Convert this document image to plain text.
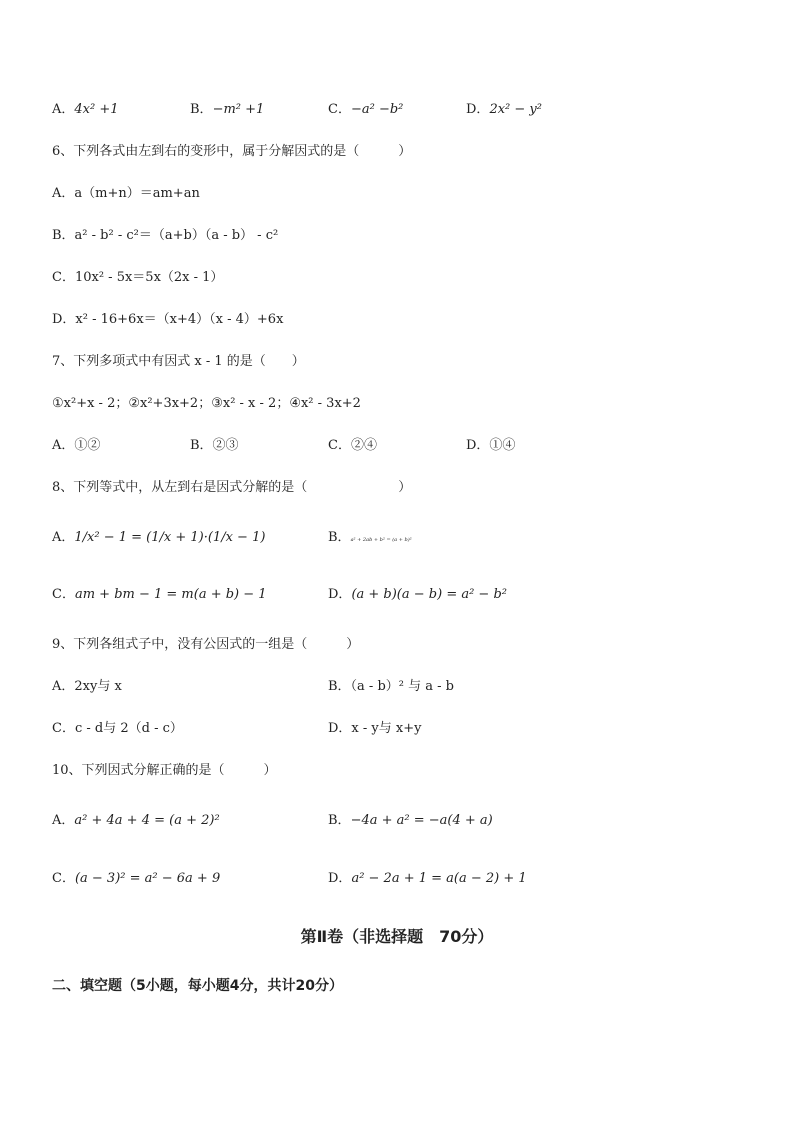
A．4x² +1	B．−m² +1	C．−a² −b²	D．2x² − y²
6、下列各式由左到右的变形中，属于分解因式的是（　　　）
A．a（m+n）＝am+an
B．a² - b² - c²＝（a+b）（a - b） - c²
C．10x² - 5x＝5x（2x - 1）
D．x² - 16+6x＝（x+4）（x - 4）+6x
7、下列多项式中有因式 x - 1 的是（　　）
①x²+x - 2；②x²+3x+2；③x² - x - 2；④x² - 3x+2
A．①②	B．②③	C．②④	D．①④
8、下列等式中，从左到右是因式分解的是（　　　　　　　）
A．1/x² − 1 = (1/x + 1)·(1/x − 1)	B．a² + 2ab + b² = (a + b)²
C．am + bm − 1 = m(a + b) − 1	D．(a + b)(a − b) = a² − b²
9、下列各组式子中，没有公因式的一组是（　　　）
A．2xy与 x	B．（a - b）² 与 a - b
C．c - d与 2（d - c）	D．x - y与 x+y
10、下列因式分解正确的是（　　　）
A．a² + 4a + 4 = (a + 2)²	B．−4a + a² = −a(4 + a)
C．(a − 3)² = a² − 6a + 9	D．a² − 2a + 1 = a(a − 2) + 1
第Ⅱ卷（非选择题　70分）
二、填空题（5小题，每小题4分，共计20分）
